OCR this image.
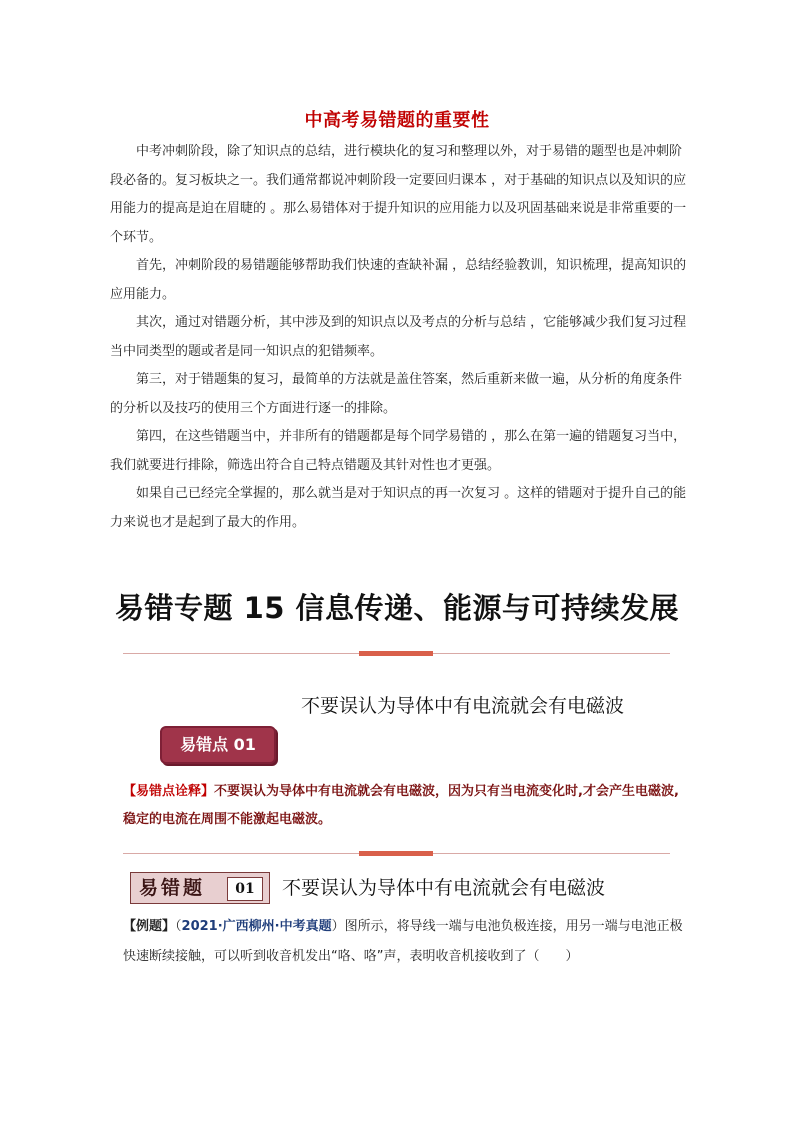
中高考易错题的重要性

中考冲刺阶段，除了知识点的总结，进行模块化的复习和整理以外，对于易错的题型也是冲刺阶段必备的。复习板块之一。我们通常都说冲刺阶段一定要回归课本 ，对于基础的知识点以及知识的应用能力的提高是迫在眉睫的 。那么易错体对于提升知识的应用能力以及巩固基础来说是非常重要的一个环节。

首先，冲刺阶段的易错题能够帮助我们快速的查缺补漏 ，总结经验教训，知识梳理，提高知识的应用能力。

其次，通过对错题分析，其中涉及到的知识点以及考点的分析与总结 ，它能够减少我们复习过程当中同类型的题或者是同一知识点的犯错频率。

第三，对于错题集的复习，最简单的方法就是盖住答案，然后重新来做一遍，从分析的角度条件的分析以及技巧的使用三个方面进行逐一的排除。

第四，在这些错题当中，并非所有的错题都是每个同学易错的 ，那么在第一遍的错题复习当中，我们就要进行排除，筛选出符合自己特点错题及其针对性也才更强。

如果自己已经完全掌握的，那么就当是对于知识点的再一次复习 。这样的错题对于提升自己的能力来说也才是起到了最大的作用。

易错专题 15 信息传递、能源与可持续发展
易错点 01
不要误认为导体中有电流就会有电磁波
【易错点诠释】不要误认为导体中有电流就会有电磁波，因为只有当电流变化时,才会产生电磁波,稳定的电流在周围不能激起电磁波。
易错题	01	不要误认为导体中有电流就会有电磁波
【例题】（2021·广西柳州·中考真题）图所示，将导线一端与电池负极连接，用另一端与电池正极快速断续接触，可以听到收音机发出“咯、咯”声，表明收音机接收到了（　　）
